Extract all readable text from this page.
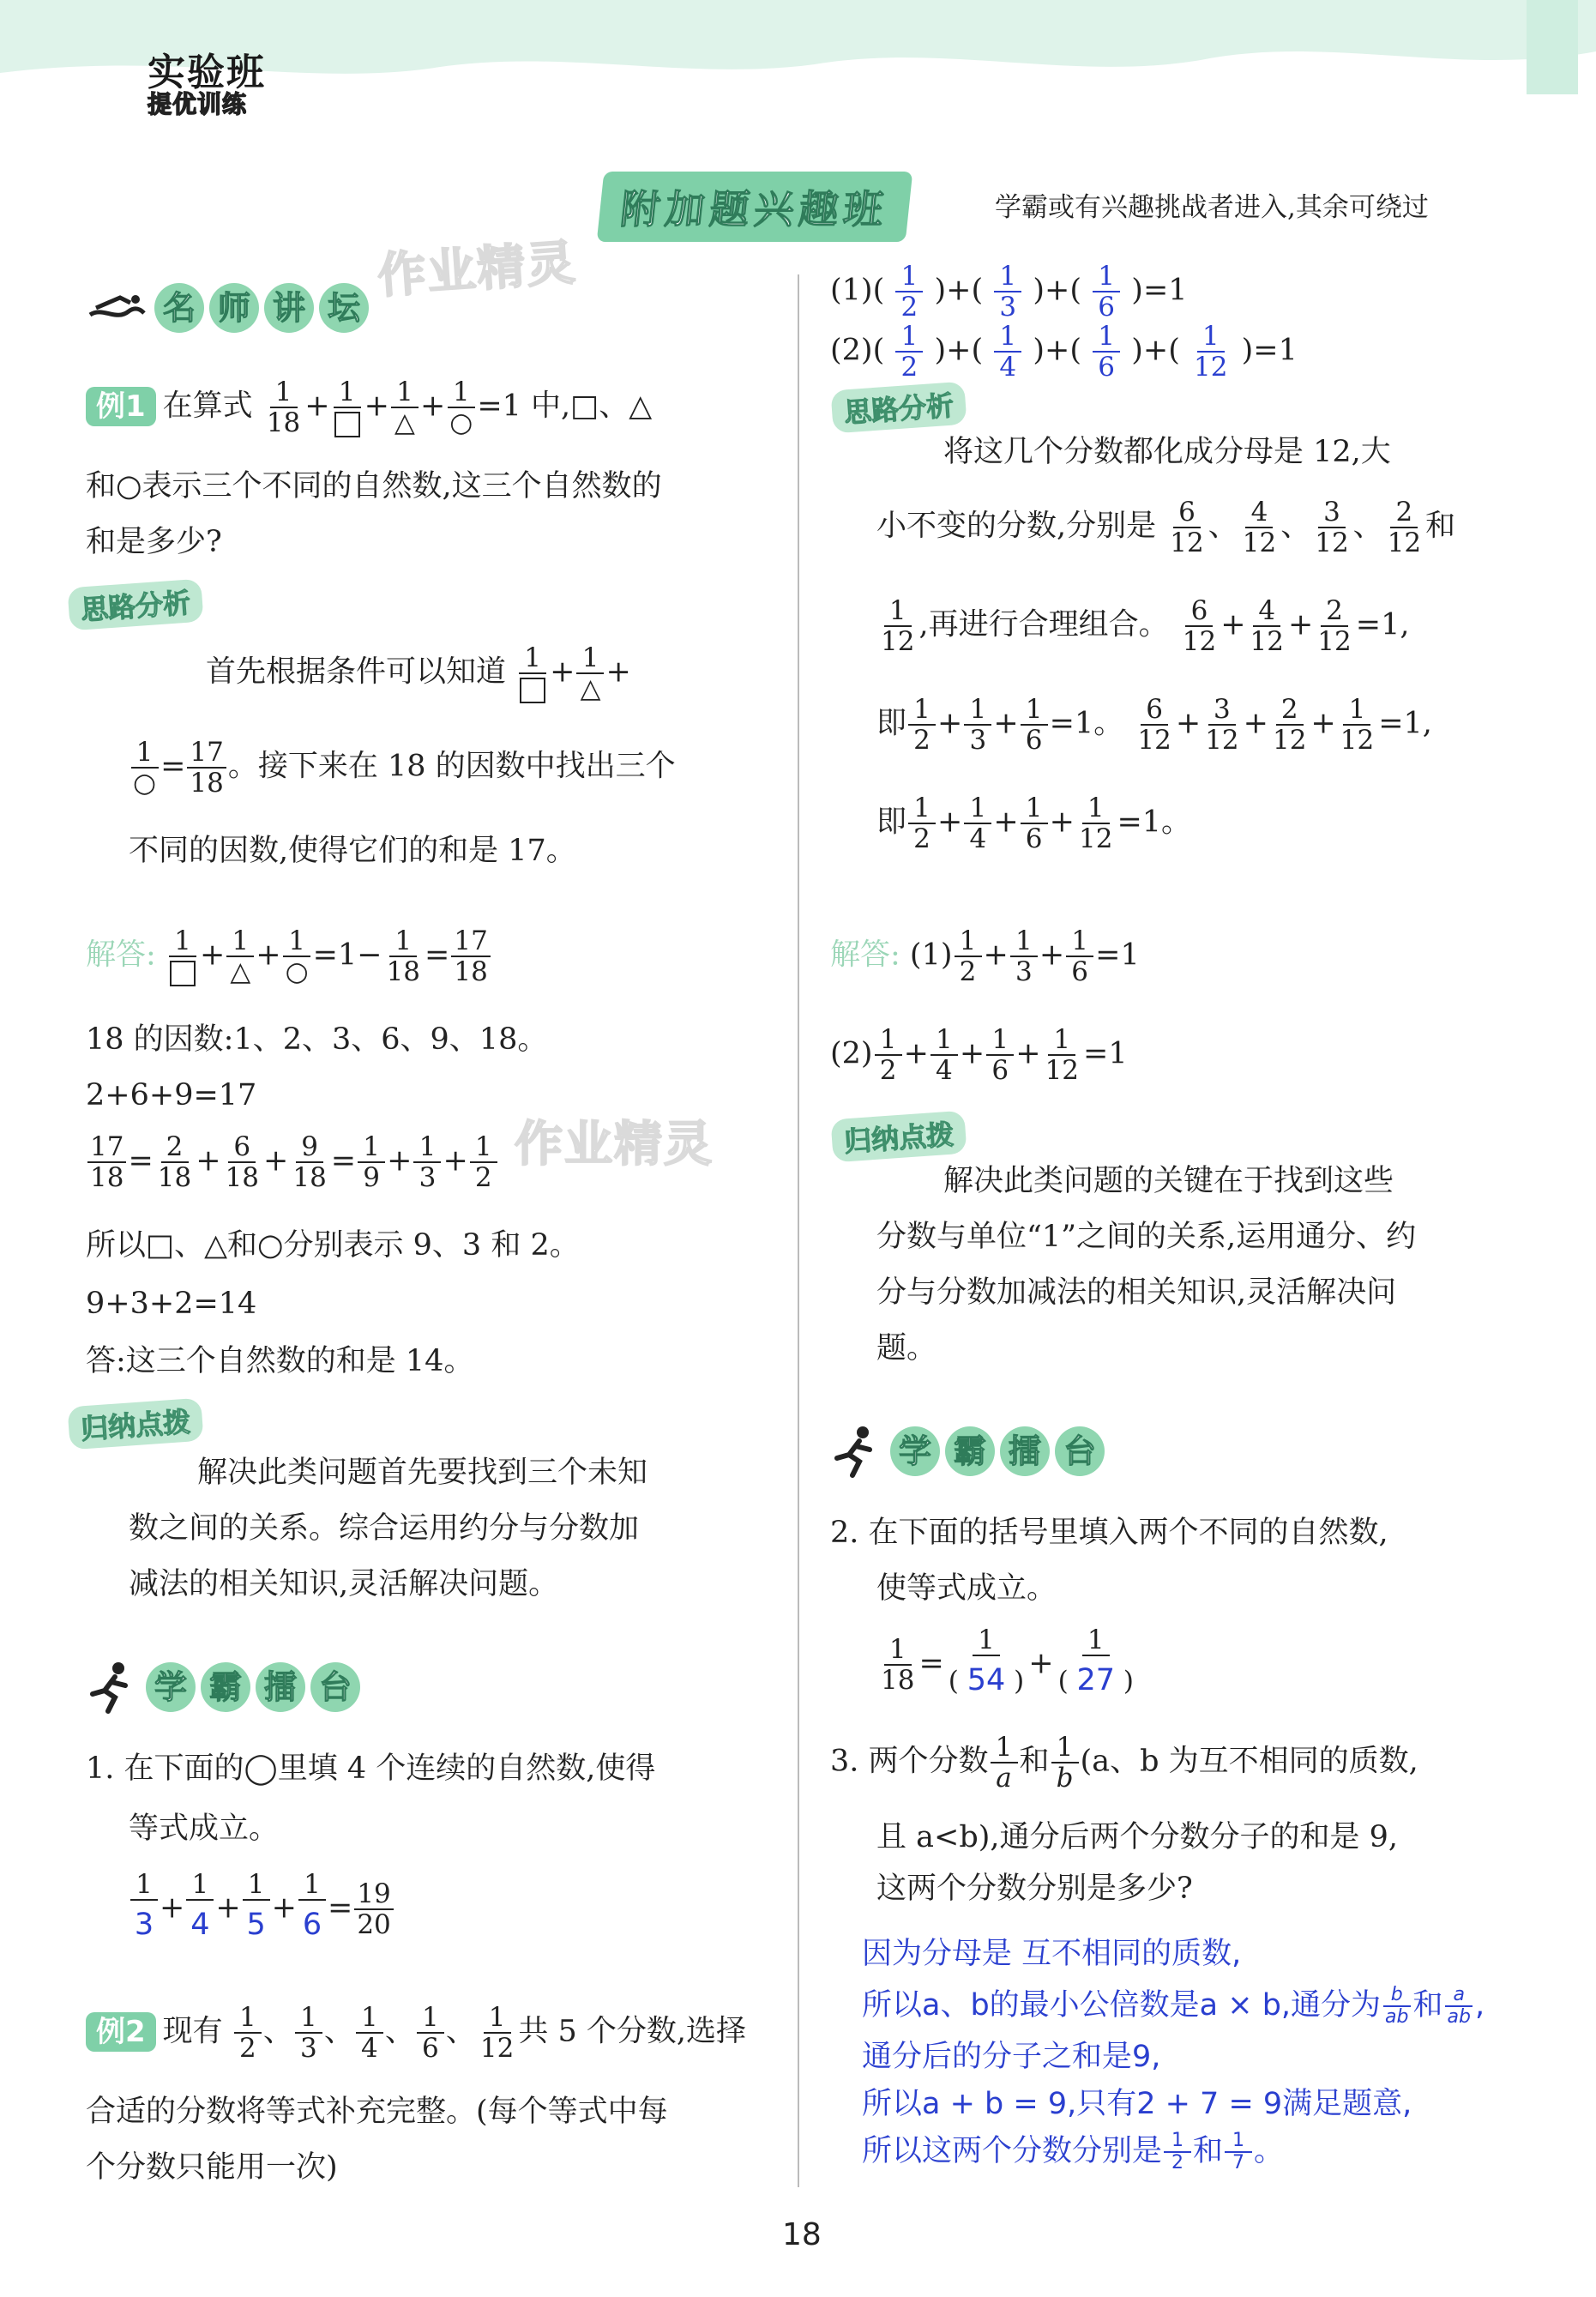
实验班
提优训练
附加题兴趣班	学霸或有兴趣挑战者进入,其余可绕过
作业精灵
作业精灵
名 师 讲 坛
例1 在算式 $\frac{1}{18} + 1 + \frac{1}{\triangle} + \frac{1}{○} =1$ 中,□、△
和○表示三个不同的自然数,这三个自然数的
和是多少?
思路分析
首先根据条件可以知道 $1 + \frac{1}{\triangle}$ +
$\frac{1}{○} = \frac{17}{18}$ 。接下来在 18 的因数中找出三个
不同的因数,使得它们的和是 17。
解答: $1 + \frac{1}{\triangle} + \frac{1}{○} =1- \frac{1}{18} = \frac{17}{18}$
18 的因数:1、2、3、6、9、18。
2+6+9=17
$\frac{17}{18} = \frac{2}{18} + \frac{6}{18} + \frac{9}{18} = \frac{1}{9} + \frac{1}{3} + \frac{1}{2}$
所以□、△和○分别表示 9、3 和 2。
9+3+2=14
答:这三个自然数的和是 14。
归纳点拨
解决此类问题首先要找到三个未知
数之间的关系。综合运用约分与分数加
减法的相关知识,灵活解决问题。
学 霸 擂 台
1. 在下面的◯里填 4 个连续的自然数,使得
等式成立。
$\frac{1}{3} + \frac{1}{4} + \frac{1}{5} + \frac{1}{6} = \frac{19}{20}$
例2 现有 $\frac{1}{2}$ 、 $\frac{1}{3}$ 、 $\frac{1}{4}$ 、 $\frac{1}{6}$ 、 $\frac{1}{12}$ 共 5 个分数,选择
合适的分数将等式补充完整。(每个等式中每
个分数只能用一次)
$(1)( \frac{1}{2}$ )+( $\frac{1}{3}$ )+( $\frac{1}{6} )=1$
$(2)( \frac{1}{2}$ )+( $\frac{1}{4}$ )+( $\frac{1}{6}$ )+( $\frac{1}{12} )=1$
思路分析
将这几个分数都化成分母是 12,大
小不变的分数,分别是 $\frac{6}{12}$ 、 $\frac{4}{12}$ 、 $\frac{3}{12}$ 、 $\frac{2}{12}$ 和
$\frac{1}{12}$ ,再进行合理组合。 $\frac{6}{12} + \frac{4}{12} + \frac{2}{12} =1$,
即 $\frac{1}{2} + \frac{1}{3} + \frac{1}{6} =1$。 $\frac{6}{12} + \frac{3}{12} + \frac{2}{12} + \frac{1}{12} =1$,
即 $\frac{1}{2} + \frac{1}{4} + \frac{1}{6} + \frac{1}{12} =1$。
解答: $(1) \frac{1}{2} + \frac{1}{3} + \frac{1}{6} =1$
$(2) \frac{1}{2} + \frac{1}{4} + \frac{1}{6} + \frac{1}{12} =1$
归纳点拨
解决此类问题的关键在于找到这些
分数与单位“1”之间的关系,运用通分、约
分与分数加减法的相关知识,灵活解决问
题。
学 霸 擂 台
2. 在下面的括号里填入两个不同的自然数,
使等式成立。
$\frac{1}{18} = \frac{1}{( 54 )} + \frac{1}{( 27 )}$
3. 两个分数 $\frac{1}{a}$ 和 $\frac{1}{b} (a$、b 为互不相同的质数,
且 a<b),通分后两个分数分子的和是 9,
这两个分数分别是多少?
因为分母是 互不相同的质数,
所以a、b的最小公倍数是a × b,通分为 $\frac{b}{ab}$ 和 $\frac{a}{ab}$ ,
通分后的分子之和是9,
所以a + b = 9,只有2 + 7 = 9满足题意,
所以这两个分数分别是 $\frac{1}{2}$ 和 $\frac{1}{7}$ 。
18
